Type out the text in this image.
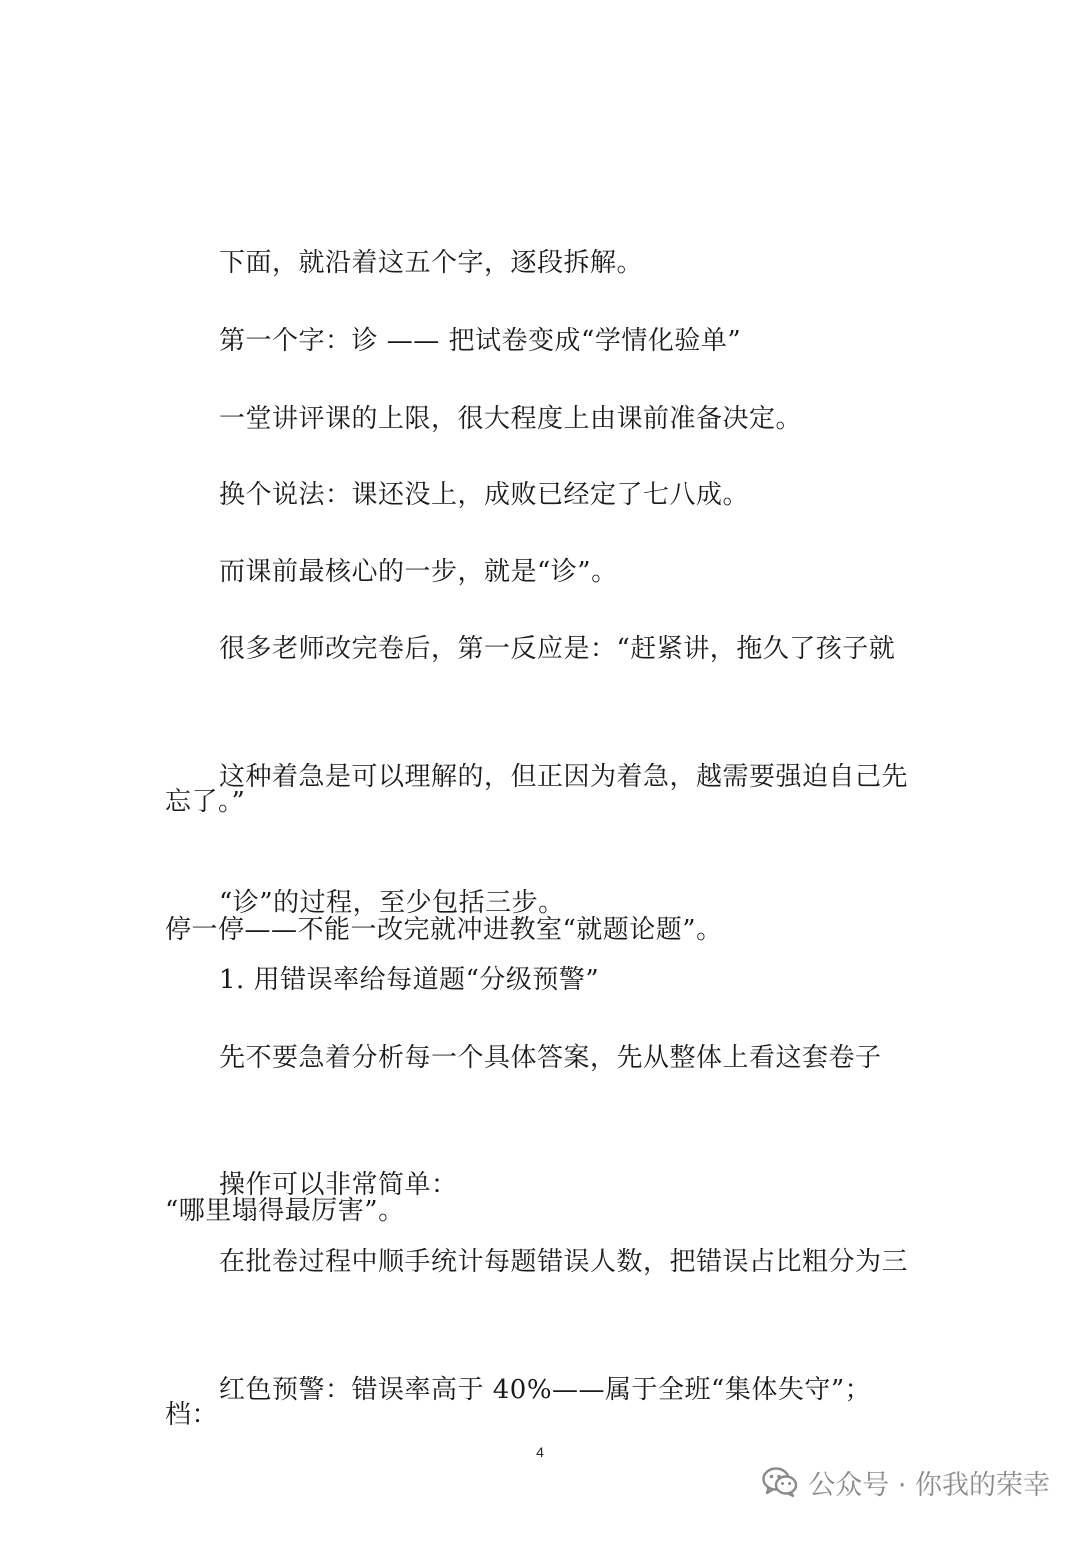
下面，就沿着这五个字，逐段拆解。

第一个字：诊 —— 把试卷变成“学情化验单”

一堂讲评课的上限，很大程度上由课前准备决定。

换个说法：课还没上，成败已经定了七八成。

而课前最核心的一步，就是“诊”。

很多老师改完卷后，第一反应是：“赶紧讲，拖久了孩子就

忘了。”

这种着急是可以理解的，但正因为着急，越需要强迫自己先

停一停——不能一改完就冲进教室“就题论题”。

“诊”的过程，至少包括三步。

1. 用错误率给每道题“分级预警”

先不要急着分析每一个具体答案，先从整体上看这套卷子

“哪里塌得最厉害”。

操作可以非常简单：

在批卷过程中顺手统计每题错误人数，把错误占比粗分为三

档：

红色预警：错误率高于 40%——属于全班“集体失守”；

4
公众号 · 你我的荣幸
